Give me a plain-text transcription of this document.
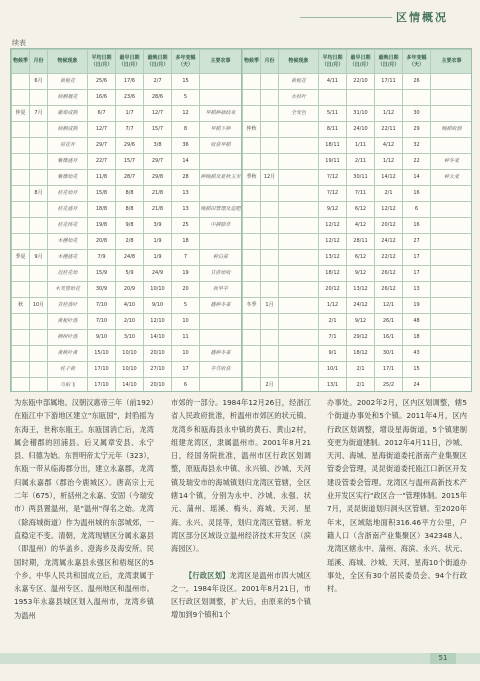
区情概况
续表
物候季	月份	物候现象	平均日期（日/月）	最早日期（日/月）	最晚日期（日/月）	多年变幅（天）	主要农事
	6月	黄栀花	25/6	17/6	2/7	15	
		梧桐展花	16/6	23/6	28/6	5	
仲夏	7月	葡萄成熟	6/7	1/7	12/7	12	早稻种插结束
		梧桐成熟	12/7	7/7	15/7	8	早稻下种
		荷花开	29/7	29/6	3/8	36	收获早稻
		紫薇盛开	22/7	15/7	29/7	14	
		紫薇始花	11/8	28/7	29/8	28	种晚稻及夏秋玉米
	8月	桂花始开	15/8	8/8	21/8	13	
		桂花盛开	18/8	8/8	21/8	13	晚稻田管理及追肥
		桂花终花	19/8	9/8	3/9	25	中耕除草
		木槿始花	20/8	2/8	1/9	18	
季夏	9月	木槿盛花	7/9	24/8	1/9	7	种白菜
		迟桂花始	15/9	5/9	24/9	19	甘蔗始收
		木芙蓉始花	30/9	20/9	10/10	20	收早芋
秋	10月	青桂落叶	7/10	4/10	9/10	5	播种冬菜
		黄栀叶落	7/10	2/10	12/10	10	
		柳树叶落	9/10	3/10	14/10	11	
		黄桃叶黄	15/10	10/10	20/10	10	播种冬菜
		桂子黄	17/10	10/10	27/10	17	芋艿收获
		乌桕飞	17/10	14/10	20/10	6	

物候季	月份	物候现象	平均日期（日/月）	最早日期（日/月）	最晚日期（日/月）	多年变幅（天）	主要农事
		黄栀花	4/11	22/10	17/11	26	
		水杉叶					
		全变色	5/11	31/10	1/12	30	
仲秋			8/11	24/10	22/11	29	晚稻收割
			18/11	1/11	4/12	32	
			19/11	2/11	1/12	22	种冬麦
季秋	12月		7/12	30/11	14/12	14	种大麦
			7/12	7/11	2/1	16	
			9/12	6/12	12/12	6	
			12/12	4/12	20/12	16	
			12/12	28/11	24/12	27	
			13/12	6/12	22/12	17	
			18/12	9/12	26/12	17	
			20/12	13/12	26/12	13	
冬季	1月		1/12	24/12	12/1	19	
			2/1	9/12	26/1	48	
			7/1	29/12	16/1	18	
			9/1	18/12	30/1	43	
			10/1	2/1	17/1	15	
	2月		13/1	2/1	25/2	24	

为东瓯中部属地。汉朝汉惠帝三年（前192）在瓯江中下游地区建立"东瓯国"，封驺摇为东海王，世称东瓯王。东瓯国消亡后，龙湾属会稽郡的回浦县。后又属章安县、永宁县、归德为始。东晋明帝太宁元年（323），东瓯一带从临海郡分出，建立永嘉郡，龙湾归属永嘉郡（郡治今鹿城区）。唐高宗上元二年（675），析括州之永嘉、安固（今瑞安市）两县置温州，是"温州"得名之始。龙湾（除海城街道）作为温州城的东部城郊，一直稳定不变。清朝，龙湾现辖区分属永嘉县（即温州）的华盖乡、澄海乡及海安所。民国时期，龙湾属永嘉县永强区和梧埏区的5个乡。中华人民共和国成立后，龙湾隶属于永嘉专区、温州专区、温州地区和温州市。1953年永嘉县城区划入温州市，龙湾乡镇为温州

市郊的一部分。1984年12月26日，经浙江省人民政府批准，析温州市郊区的状元镇、龙湾乡和瓯海县永中镇的黄石、黄山2村，组建龙湾区，隶属温州市。2001年8月21日，经国务院批准，温州市区行政区划调整，原瓯海县永中镇、永兴镇、沙城、天河镇及瑞安市的海城镇划归龙湾区管辖，全区辖14个镇，分别为永中、沙城、永强、状元、蒲州、瑶溪、梅头、海城、天河、星海、永兴、灵昆等，划归龙湾区管辖。析龙湾区部分区域设立温州经济技术开发区（滨海园区）。

【行政区划】龙湾区是温州市四大城区之一。1984年设区。2001年8月21日，市区行政区划调整，扩大后，由原来的5个镇增加到9个镇和1个

办事处。2002年2月，区内区划调整，辖5个街道办事处和5个镇。2011年4月，区内行政区划调整，增设星海街道，5个镇建制变更为街道建制。2012年4月11日，沙城、天河、海城、星海街道委托浙南产业集聚区管委会管理，灵昆街道委托瓯江口新区开发建设管委会管理。龙湾区与温州高新技术产业开发区实行"政区合一"管理体制。2015年7月，灵昆街道划归洞头区管辖。至2020年年末，区域陆地面积316.46平方公里，户籍人口（含浙南产业集聚区）342348人。龙湾区辖永中、蒲州、海滨、永兴、状元、瑶溪、海城、沙城、天河、星海10个街道办事处，全区有30个居民委员会、94个行政村。

51
